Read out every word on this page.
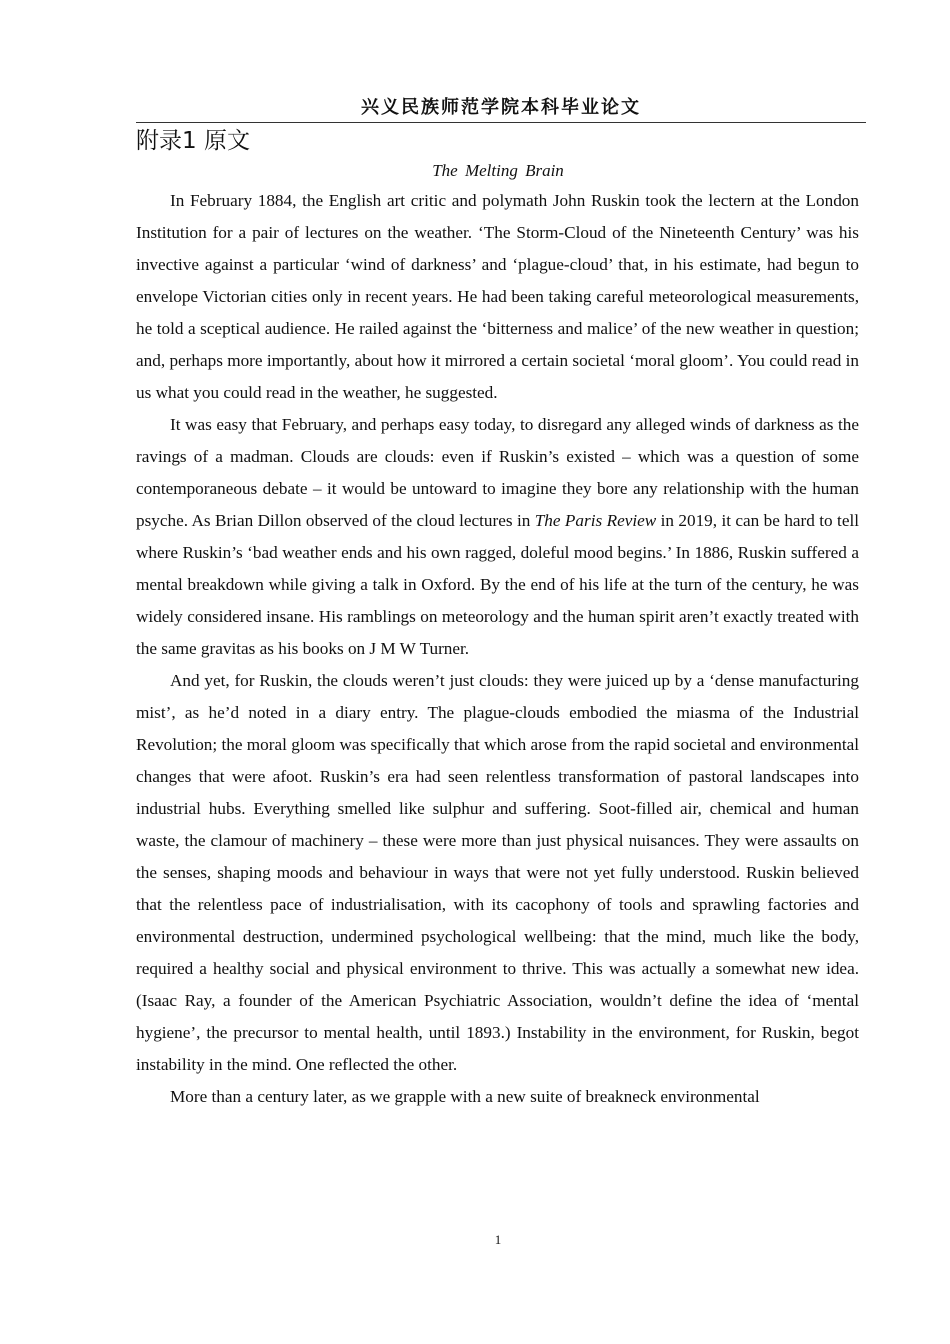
兴义民族师范学院本科毕业论文
附录1 原文
The Melting Brain

In February 1884, the English art critic and polymath John Ruskin took the lectern at the London Institution for a pair of lectures on the weather. ‘The Storm-Cloud of the Nineteenth Century’ was his invective against a particular ‘wind of darkness’ and ‘plague-cloud’ that, in his estimate, had begun to envelope Victorian cities only in recent years. He had been taking careful meteorological measurements, he told a sceptical audience. He railed against the ‘bitterness and malice’ of the new weather in question; and, perhaps more importantly, about how it mirrored a certain societal ‘moral gloom’. You could read in us what you could read in the weather, he suggested.

It was easy that February, and perhaps easy today, to disregard any alleged winds of darkness as the ravings of a madman. Clouds are clouds: even if Ruskin’s existed – which was a question of some contemporaneous debate – it would be untoward to imagine they bore any relationship with the human psyche. As Brian Dillon observed of the cloud lectures in The Paris Review in 2019, it can be hard to tell where Ruskin’s ‘bad weather ends and his own ragged, doleful mood begins.’ In 1886, Ruskin suffered a mental breakdown while giving a talk in Oxford. By the end of his life at the turn of the century, he was widely considered insane. His ramblings on meteorology and the human spirit aren’t exactly treated with the same gravitas as his books on J M W Turner.

And yet, for Ruskin, the clouds weren’t just clouds: they were juiced up by a ‘dense manufacturing mist’, as he’d noted in a diary entry. The plague-clouds embodied the miasma of the Industrial Revolution; the moral gloom was specifically that which arose from the rapid societal and environmental changes that were afoot. Ruskin’s era had seen relentless transformation of pastoral landscapes into industrial hubs. Everything smelled like sulphur and suffering. Soot-filled air, chemical and human waste, the clamour of machinery – these were more than just physical nuisances. They were assaults on the senses, shaping moods and behaviour in ways that were not yet fully understood. Ruskin believed that the relentless pace of industrialisation, with its cacophony of tools and sprawling factories and environmental destruction, undermined psychological wellbeing: that the mind, much like the body, required a healthy social and physical environment to thrive. This was actually a somewhat new idea. (Isaac Ray, a founder of the American Psychiatric Association, wouldn’t define the idea of ‘mental hygiene’, the precursor to mental health, until 1893.) Instability in the environment, for Ruskin, begot instability in the mind. One reflected the other.

More than a century later, as we grapple with a new suite of breakneck environmental

1
